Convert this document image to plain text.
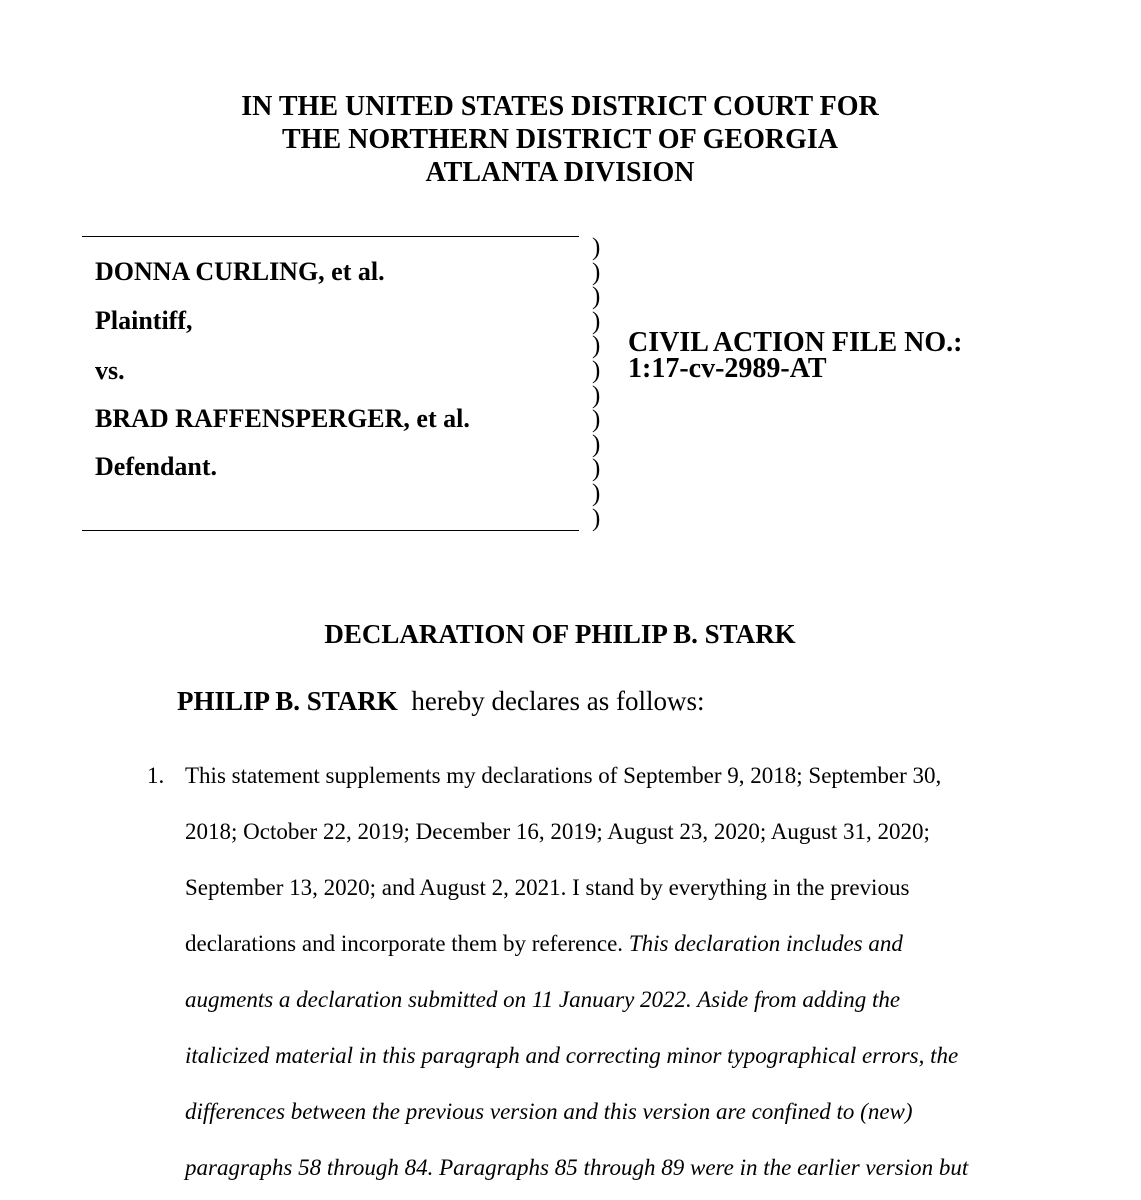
IN THE UNITED STATES DISTRICT COURT FOR
THE NORTHERN DISTRICT OF GEORGIA
ATLANTA DIVISION
DONNA CURLING, et al.
Plaintiff,
vs.
BRAD RAFFENSPERGER, et al.
Defendant.
)
)
)
)
)
)
)
)
)
)
)
)
CIVIL ACTION FILE NO.:
1:17-cv-2989-AT
DECLARATION OF PHILIP B. STARK
PHILIP B. STARK hereby declares as follows:
1. This statement supplements my declarations of September 9, 2018; September 30,
2018; October 22, 2019; December 16, 2019; August 23, 2020; August 31, 2020;
September 13, 2020; and August 2, 2021. I stand by everything in the previous
declarations and incorporate them by reference. This declaration includes and
augments a declaration submitted on 11 January 2022. Aside from adding the
italicized material in this paragraph and correcting minor typographical errors, the
differences between the previous version and this version are confined to (new)
paragraphs 58 through 84. Paragraphs 85 through 89 were in the earlier version but
